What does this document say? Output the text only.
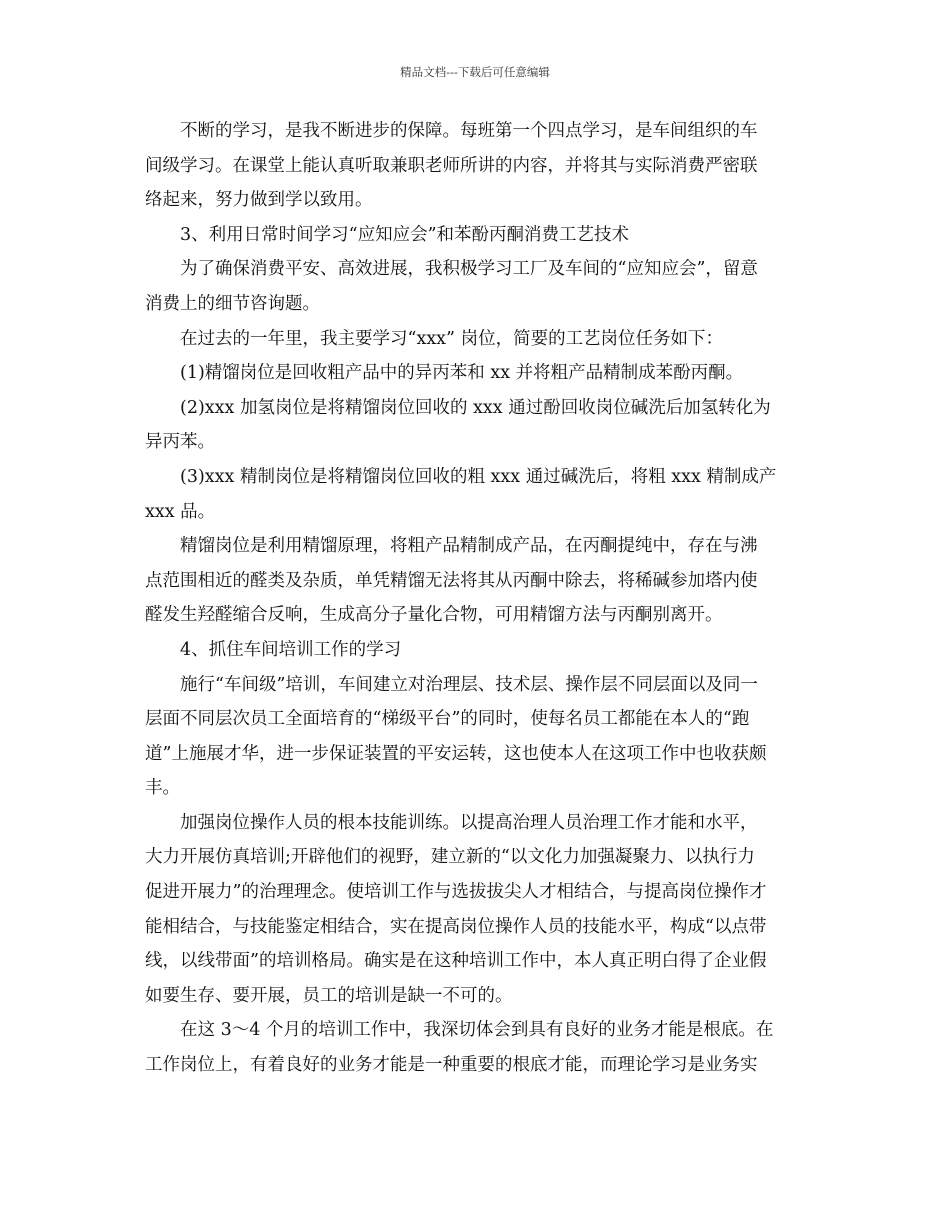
精品文档---下载后可任意编辑
不断的学习，是我不断进步的保障。每班第一个四点学习，是车间组织的车
间级学习。在课堂上能认真听取兼职老师所讲的内容，并将其与实际消费严密联
络起来，努力做到学以致用。
3、利用日常时间学习“应知应会”和苯酚丙酮消费工艺技术
为了确保消费平安、高效进展，我积极学习工厂及车间的“应知应会”，留意
消费上的细节咨询题。
在过去的一年里，我主要学习“xxx” 岗位，简要的工艺岗位任务如下：
(1)精馏岗位是回收粗产品中的异丙苯和 xx 并将粗产品精制成苯酚丙酮。
(2)xxx 加氢岗位是将精馏岗位回收的 xxx 通过酚回收岗位碱洗后加氢转化为
异丙苯。
(3)xxx 精制岗位是将精馏岗位回收的粗 xxx 通过碱洗后，将粗 xxx 精制成产
xxx 品。
精馏岗位是利用精馏原理，将粗产品精制成产品，在丙酮提纯中，存在与沸
点范围相近的醛类及杂质，单凭精馏无法将其从丙酮中除去，将稀碱参加塔内使
醛发生羟醛缩合反响，生成高分子量化合物，可用精馏方法与丙酮别离开。
4、抓住车间培训工作的学习
施行“车间级”培训，车间建立对治理层、技术层、操作层不同层面以及同一
层面不同层次员工全面培育的“梯级平台”的同时，使每名员工都能在本人的“跑
道”上施展才华，进一步保证装置的平安运转，这也使本人在这项工作中也收获颇
丰。
加强岗位操作人员的根本技能训练。以提高治理人员治理工作才能和水平，
大力开展仿真培训;开辟他们的视野，建立新的“以文化力加强凝聚力、以执行力
促进开展力”的治理理念。使培训工作与选拔拔尖人才相结合，与提高岗位操作才
能相结合，与技能鉴定相结合，实在提高岗位操作人员的技能水平，构成“以点带
线，以线带面”的培训格局。确实是在这种培训工作中，本人真正明白得了企业假
如要生存、要开展，员工的培训是缺一不可的。
在这 3～4 个月的培训工作中，我深切体会到具有良好的业务才能是根底。在
工作岗位上，有着良好的业务才能是一种重要的根底才能，而理论学习是业务实
